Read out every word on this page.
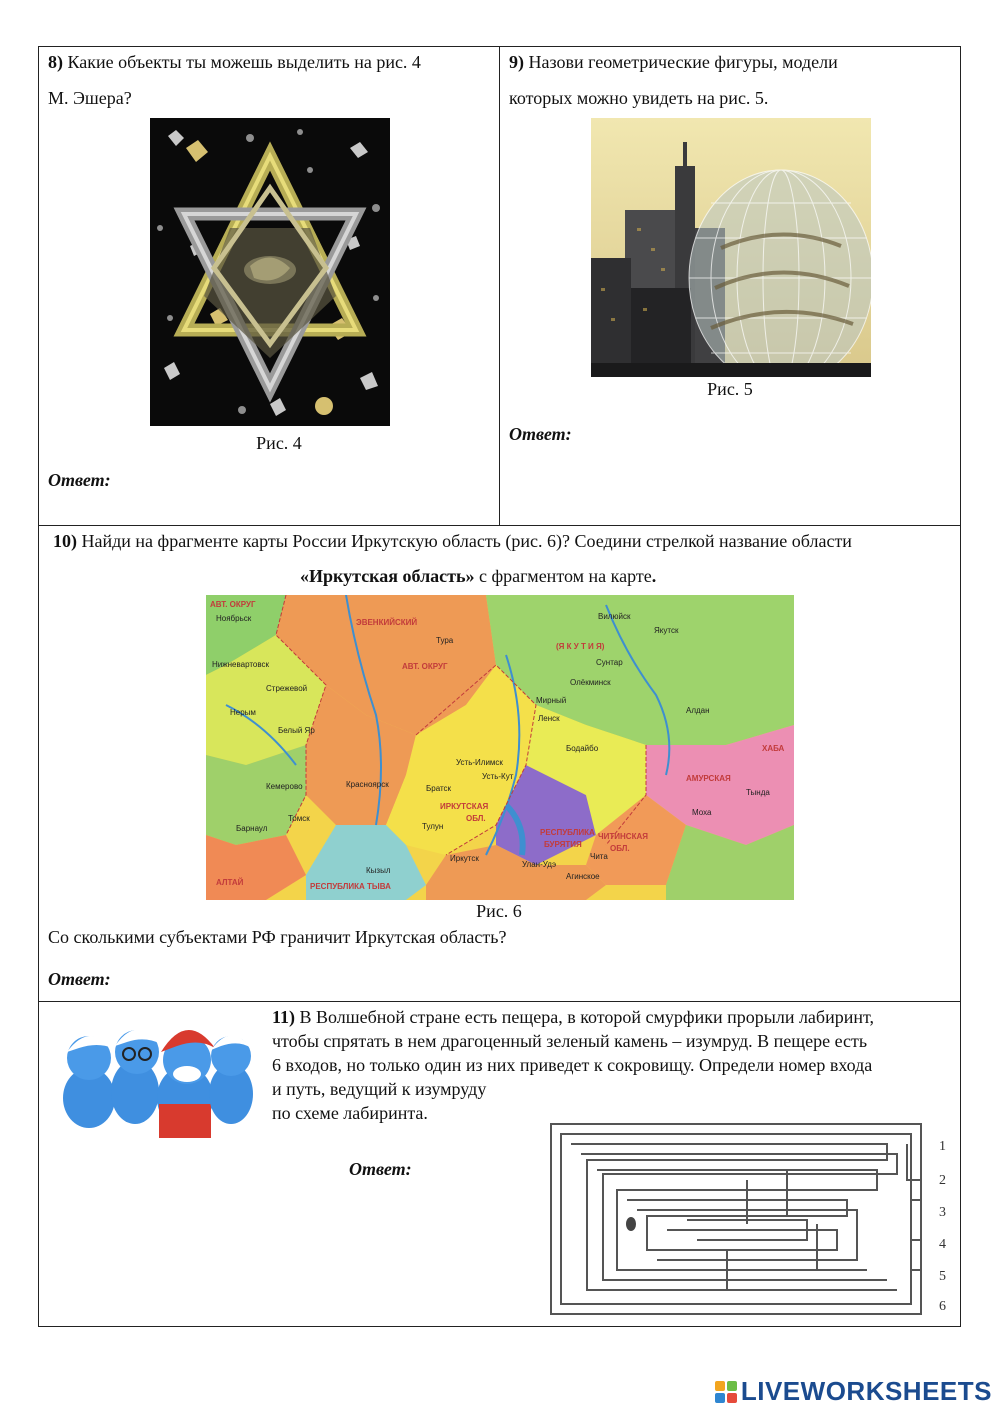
8) Какие объекты ты можешь выделить на рис. 4
М. Эшера?
Рис. 4
Ответ:
9) Назови геометрические фигуры, модели
которых можно увидеть на рис. 5.
Рис. 5
Ответ:
10) Найди на фрагменте карты России Иркутскую область (рис. 6)? Соедини стрелкой название области
«Иркутская область» с фрагментом на карте.
АВТ. ОКРУГ
Ноябрьск	ЭВЕНКИЙСКИЙ
Тура
АВТ. ОКРУГ
(Я К У Т И Я)
Якутск
Вилюйск
Сунтар
Олёкминск
Мирный
Ленск
Нижневартовск
Нерым
Белый Яр
Стрежевой
Бодайбо
Алдан
ХАБА
Усть-Илимск
Усть-Кут	АМУРСКАЯ
Кемерово	Красноярск	Братск	Тында
Барнаул
Томск
ИРКУТСКАЯ
ОБЛ.
Тулун
Иркутск
РЕСПУБЛИКА
БУРЯТИЯ
ЧИТИНСКАЯ
ОБЛ.
Улан-Удэ
Чита
Агинское
Кызыл
РЕСПУБЛИКА ТЫВА
АЛТАЙ
Моха
Рис. 6
Со сколькими субъектами РФ граничит Иркутская область?
Ответ:
11) В Волшебной стране есть пещера, в которой смурфики прорыли лабиринт,
чтобы спрятать в нем драгоценный зеленый камень – изумруд. В пещере есть
6 входов, но только один из них приведет к сокровищу. Определи номер входа
и путь, ведущий к изумруду
по схеме лабиринта.
Ответ:
1
2
3
4
5
6
LIVEWORKSHEETS
